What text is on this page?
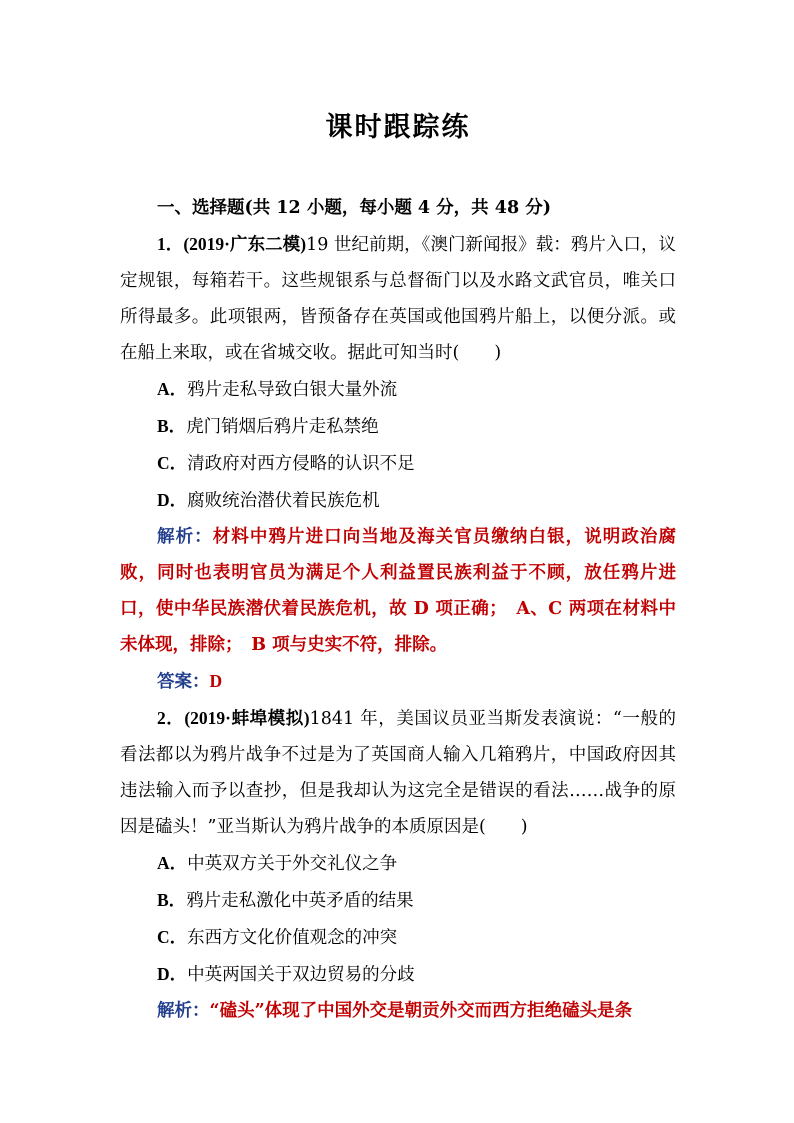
课时跟踪练
一、选择题(共 12 小题，每小题 4 分，共 48 分)
1．(2019·广东二模)19 世纪前期，《澳门新闻报》载：鸦片入口，议定规银，每箱若干。这些规银系与总督衙门以及水路文武官员，唯关口所得最多。此项银两，皆预备存在英国或他国鸦片船上，以便分派。或在船上来取，或在省城交收。据此可知当时(　　)
A．鸦片走私导致白银大量外流
B．虎门销烟后鸦片走私禁绝
C．清政府对西方侵略的认识不足
D．腐败统治潜伏着民族危机
解析：材料中鸦片进口向当地及海关官员缴纳白银，说明政治腐败，同时也表明官员为满足个人利益置民族利益于不顾，放任鸦片进口，使中华民族潜伏着民族危机，故 D 项正确；　A、C 两项在材料中未体现，排除；　B 项与史实不符，排除。
答案：D
2．(2019·蚌埠模拟)1841 年，美国议员亚当斯发表演说：“一般的看法都以为鸦片战争不过是为了英国商人输入几箱鸦片，中国政府因其违法输入而予以查抄，但是我却认为这完全是错误的看法……战争的原因是磕头！”亚当斯认为鸦片战争的本质原因是(　　)
A．中英双方关于外交礼仪之争
B．鸦片走私激化中英矛盾的结果
C．东西方文化价值观念的冲突
D．中英两国关于双边贸易的分歧
解析：“磕头”体现了中国外交是朝贡外交而西方拒绝磕头是条
